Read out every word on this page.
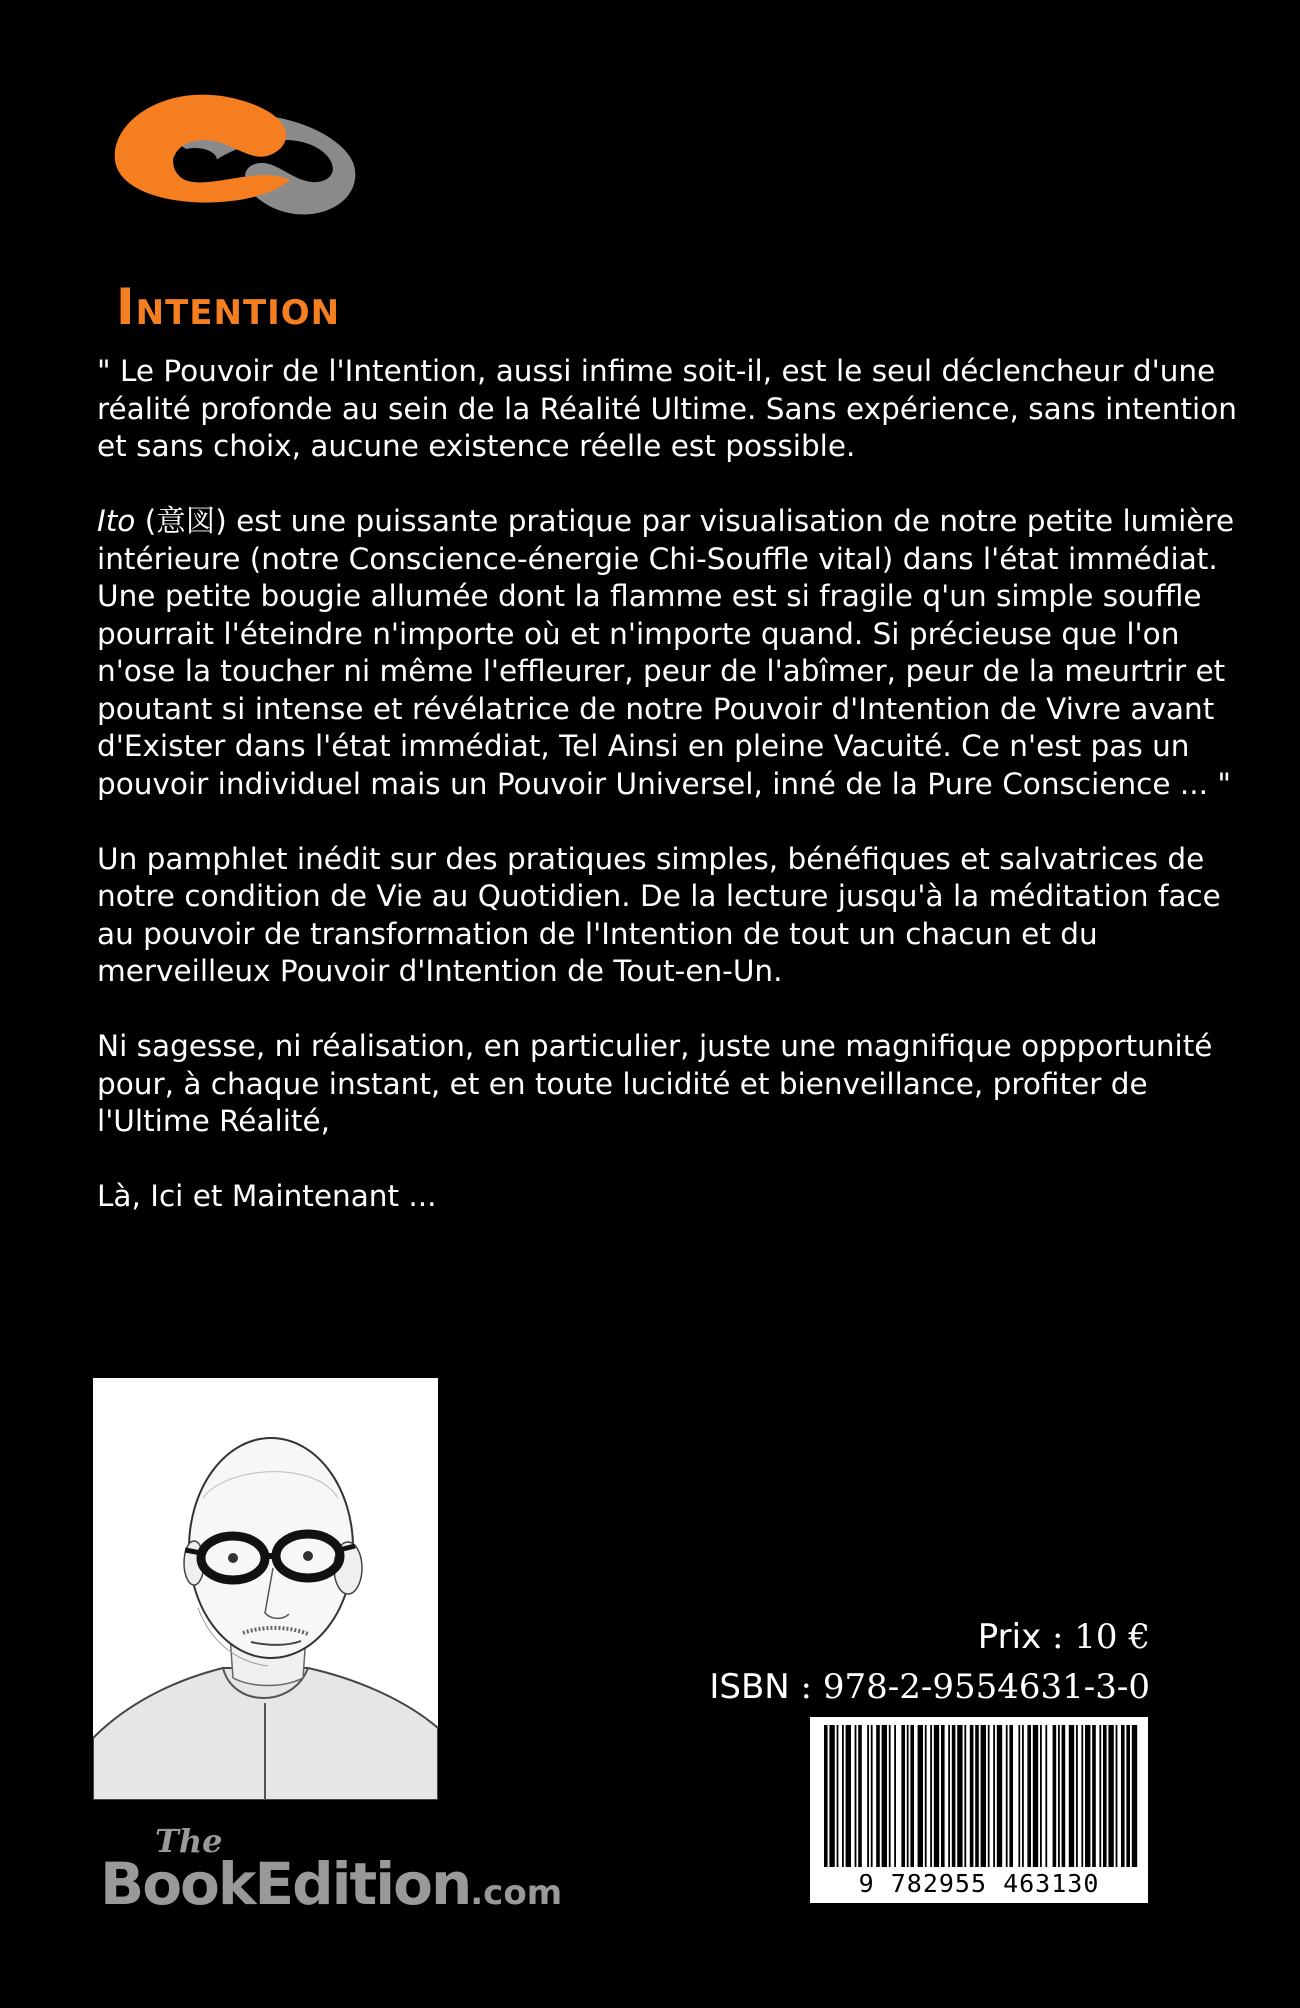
INTENTION

" Le Pouvoir de l'Intention, aussi infime soit-il, est le seul déclencheur d'une réalité profonde au sein de la Réalité Ultime. Sans expérience, sans intention et sans choix, aucune existence réelle est possible.

Ito (意図) est une puissante pratique par visualisation de notre petite lumière intérieure (notre Conscience-énergie Chi-Souffle vital) dans l'état immédiat. Une petite bougie allumée dont la flamme est si fragile q'un simple souffle pourrait l'éteindre n'importe où et n'importe quand. Si précieuse que l'on n'ose la toucher ni même l'effleurer, peur de l'abîmer, peur de la meurtrir et poutant si intense et révélatrice de notre Pouvoir d'Intention de Vivre avant d'Exister dans l'état immédiat, Tel Ainsi en pleine Vacuité. Ce n'est pas un pouvoir individuel mais un Pouvoir Universel, inné de la Pure Conscience ... "

Un pamphlet inédit sur des pratiques simples, bénéfiques et salvatrices de notre condition de Vie au Quotidien. De la lecture jusqu'à la méditation face au pouvoir de transformation de l'Intention de tout un chacun et du merveilleux Pouvoir d'Intention de Tout-en-Un.

Ni sagesse, ni réalisation, en particulier, juste une magnifique oppportunité pour, à chaque instant, et en toute lucidité et bienveillance, profiter de l'Ultime Réalité,

Là, Ici et Maintenant ...

The
BookEdition.com
Prix : 10 €
ISBN : 978-2-9554631-3-0
9 782955 463130
